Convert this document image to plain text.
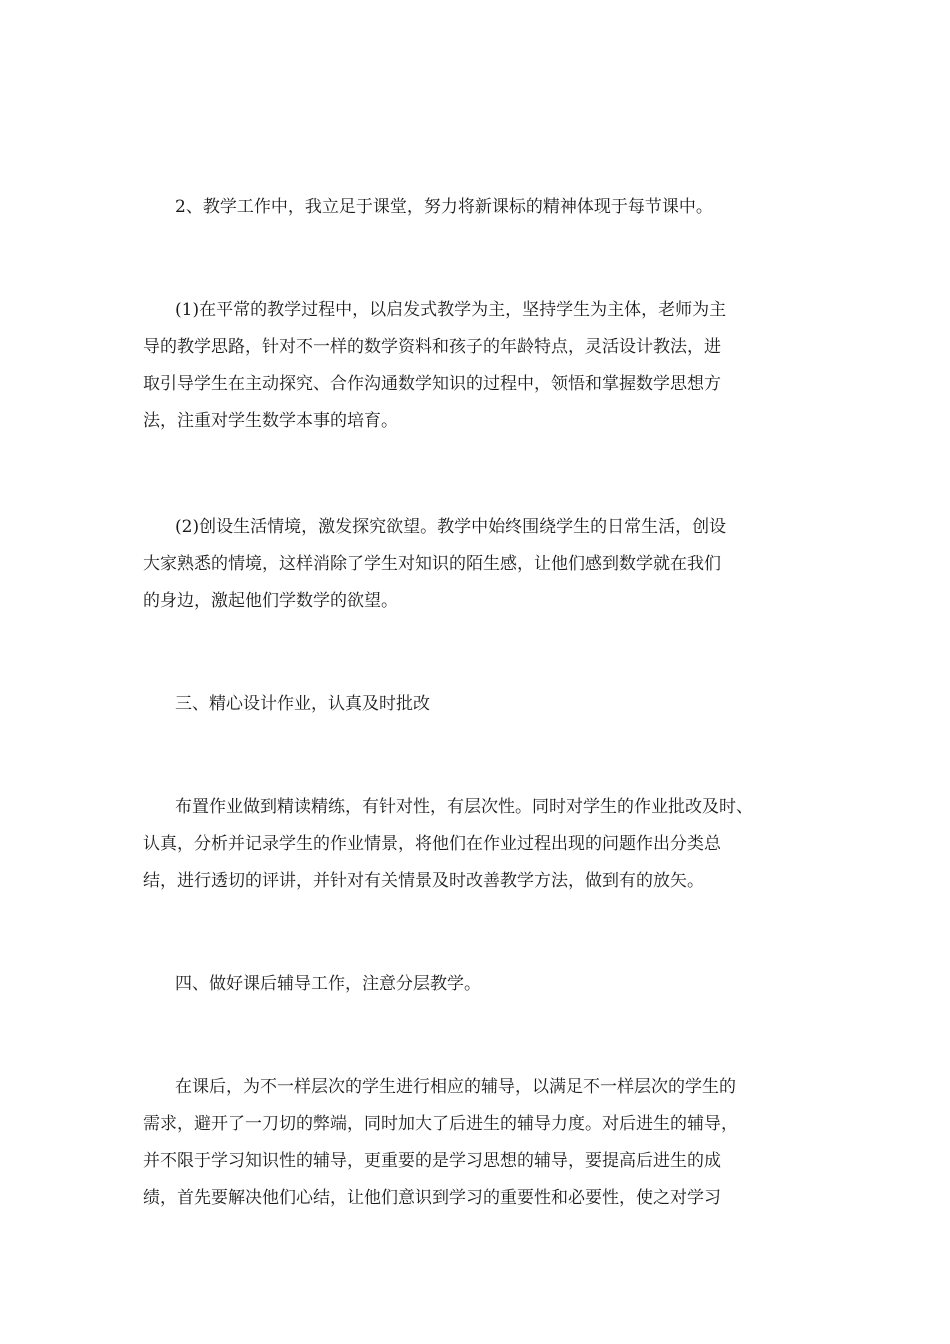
2、教学工作中，我立足于课堂，努力将新课标的精神体现于每节课中。

(1)在平常的教学过程中，以启发式教学为主，坚持学生为主体，老师为主
导的教学思路，针对不一样的数学资料和孩子的年龄特点，灵活设计教法，进
取引导学生在主动探究、合作沟通数学知识的过程中，领悟和掌握数学思想方
法，注重对学生数学本事的培育。

(2)创设生活情境，激发探究欲望。教学中始终围绕学生的日常生活，创设
大家熟悉的情境，这样消除了学生对知识的陌生感，让他们感到数学就在我们
的身边，激起他们学数学的欲望。

三、精心设计作业，认真及时批改

布置作业做到精读精练，有针对性，有层次性。同时对学生的作业批改及时、
认真，分析并记录学生的作业情景，将他们在作业过程出现的问题作出分类总
结，进行透切的评讲，并针对有关情景及时改善教学方法，做到有的放矢。

四、做好课后辅导工作，注意分层教学。

在课后，为不一样层次的学生进行相应的辅导，以满足不一样层次的学生的
需求，避开了一刀切的弊端，同时加大了后进生的辅导力度。对后进生的辅导，
并不限于学习知识性的辅导，更重要的是学习思想的辅导，要提高后进生的成
绩，首先要解决他们心结，让他们意识到学习的重要性和必要性，使之对学习
